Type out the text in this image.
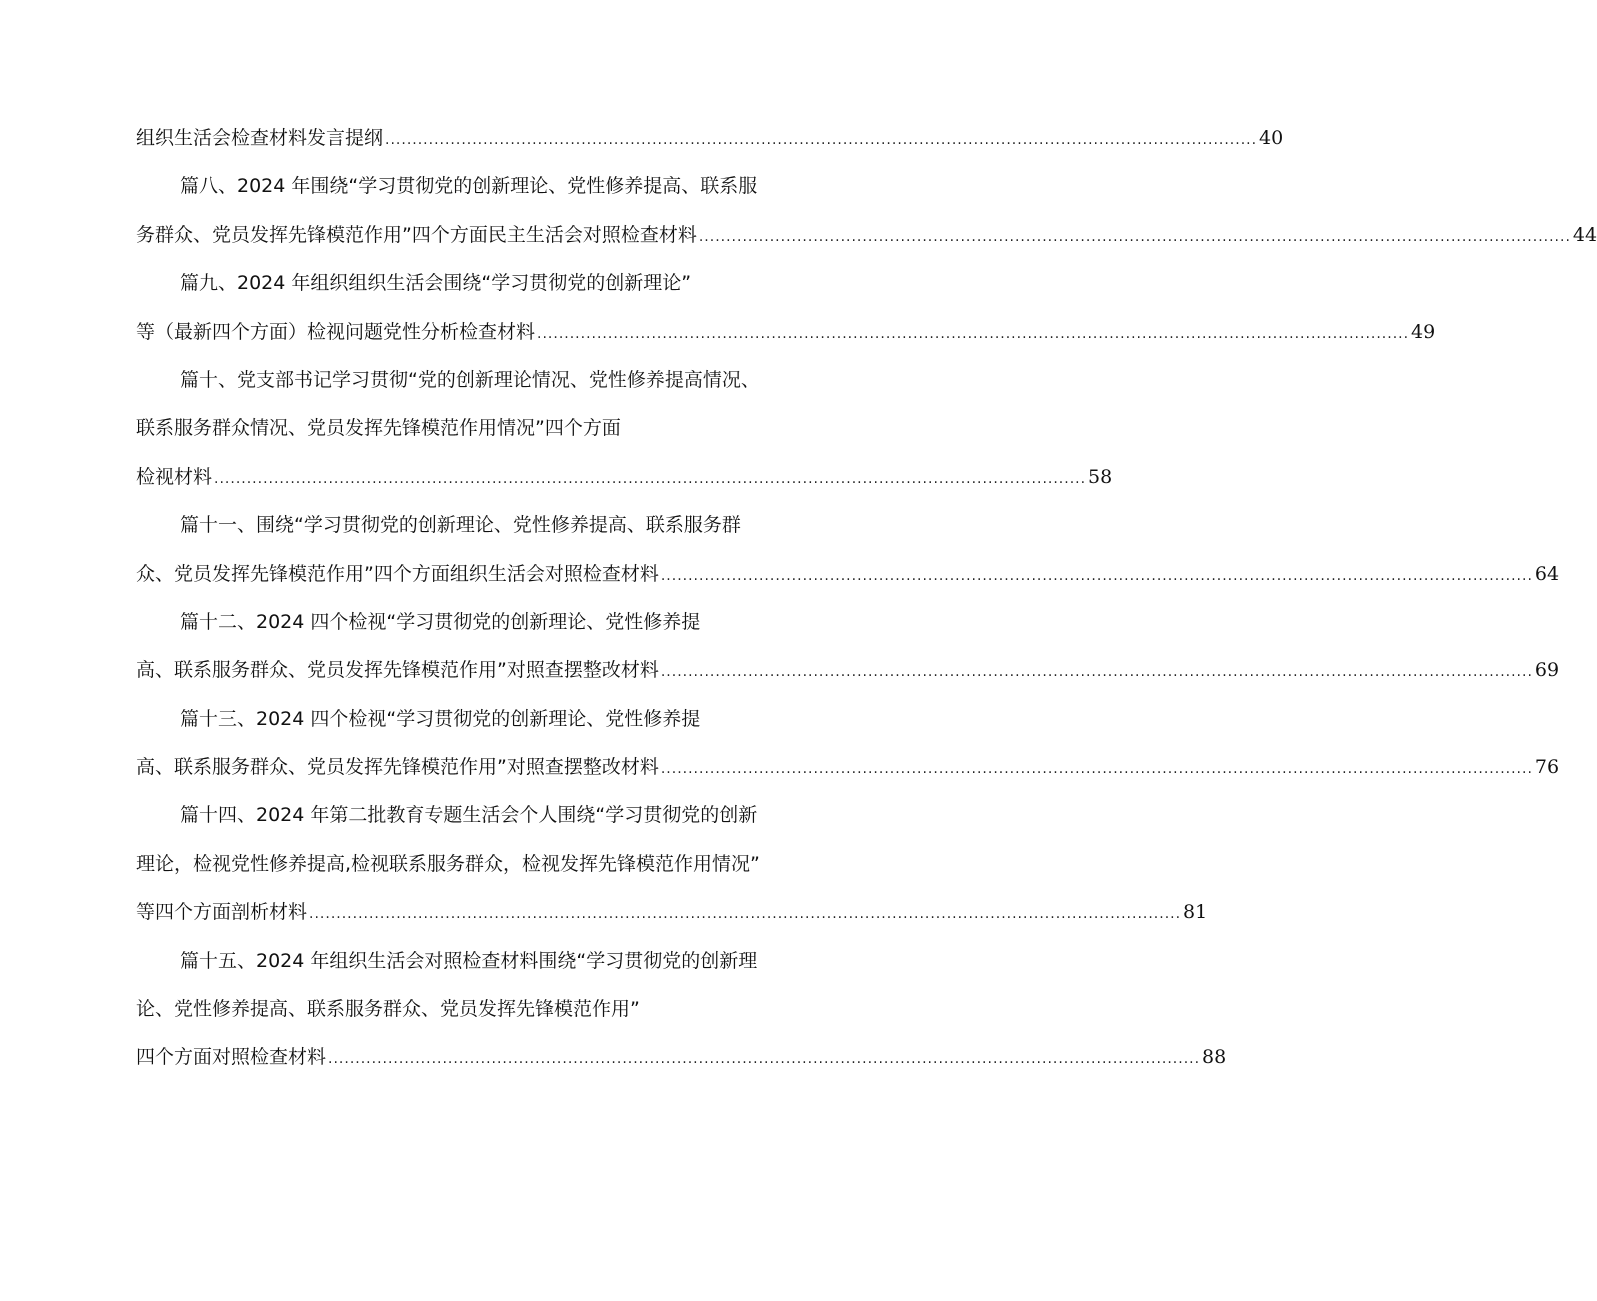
组织生活会检查材料发言提纲 ................................................................................................................................................................ 40
篇八、2024 年围绕“学习贯彻党的创新理论、党性修养提高、联系服
务群众、党员发挥先锋模范作用”四个方面民主生活会对照检查材料 ................................................................................................................................................................ 44
篇九、2024 年组织组织生活会围绕“学习贯彻党的创新理论”
等（最新四个方面）检视问题党性分析检查材料 ................................................................................................................................................................ 49
篇十、党支部书记学习贯彻“党的创新理论情况、党性修养提高情况、
联系服务群众情况、党员发挥先锋模范作用情况”四个方面
检视材料 ................................................................................................................................................................ 58
篇十一、围绕“学习贯彻党的创新理论、党性修养提高、联系服务群
众、党员发挥先锋模范作用”四个方面组织生活会对照检查材料 ................................................................................................................................................................ 64
篇十二、2024 四个检视“学习贯彻党的创新理论、党性修养提
高、联系服务群众、党员发挥先锋模范作用”对照查摆整改材料 ................................................................................................................................................................ 69
篇十三、2024 四个检视“学习贯彻党的创新理论、党性修养提
高、联系服务群众、党员发挥先锋模范作用”对照查摆整改材料 ................................................................................................................................................................ 76
篇十四、2024 年第二批教育专题生活会个人围绕“学习贯彻党的创新
理论，检视党性修养提高,检视联系服务群众，检视发挥先锋模范作用情况”
等四个方面剖析材料 ................................................................................................................................................................ 81
篇十五、2024 年组织生活会对照检查材料围绕“学习贯彻党的创新理
论、党性修养提高、联系服务群众、党员发挥先锋模范作用”
四个方面对照检查材料 ................................................................................................................................................................ 88
